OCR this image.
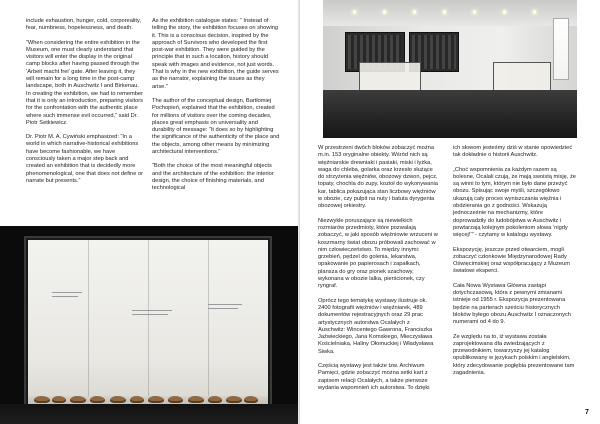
include exhaustion, hunger, cold, corporeality, fear, numbness, hopelessness, and death.

“When considering the entire exhibition in the Museum, one must clearly understand that visitors will enter the display in the original camp blocks after having passed through the ‘Arbeit macht frei’ gate. After leaving it, they will remain for a long time in the post-camp landscape, both in Auschwitz I and Birkenau. In creating the exhibition, we had to remember that it is only an introduction, preparing visitors for the confrontation with the authentic place where such immense evil occurred,” said Dr. Piotr Setkiewicz.

Dr. Piotr M. A. Cywiński emphasized: “In a world in which narrative-historical exhibitions have become fashionable, we have consciously taken a major step back and created an exhibition that is decidedly more phenomenological, one that does not define or narrate but presents.”

As the exhibition catalogue states: “ Instead of telling the story, the exhibition focuses on showing it. This is a conscious decision, inspired by the approach of Survivors who developed the first post-war exhibition. They were guided by the principle that in such a location, history should speak with images and evidence, not just words. That is why in the new exhibition, the guide serves as the narrator, explaining the issues as they arise.”

The author of the conceptual design, Bartłomiej Pochopień, explained that the exhibition, created for millions of visitors over the coming decades, places great emphasis on universality and durability of message: “It does so by highlighting the significance of the authenticity of the place and the objects, among other means by minimizing architectural interventions.”

“Both the choice of the most meaningful objects and the architecture of the exhibition: the interior design, the choice of finishing materials, and technological

W przestrzeni dwóch bloków zobaczyć można m.in. 153 oryginalne obiekty. Wśród nich są więźniarskie drewniaki i pasiaki, miski i łyżka, waga do chleba, golarka oraz krzesło służące do strzyżenia więźniów, obozowy dzwon, pejcz, topaty, chochla do zupy, kozioł do wykonywania kar, tablica pokazująca stan liczbowy więźniów w obozie, czy pulpit na nuty i batuta dyrygenta obozowej orkiestry.

Niezwykle poruszające są niewielkich rozmiarów przedmioty, które pozwalają zobaczyć, w jaki sposób więźniowie wrzuceni w koszmarny świat obozu próbowali zachować w nim człowieczeństwo. To między innymi: grzebień, pędzel do golenia, lekarstwa, opakowanie po papierosach i zapałkach, plansza do gry oraz pionek szachowy, wykonana w obozie lalka, pierścionek, czy ryngraf.

Oprócz tego tematykę wystawy ilustruje ok. 2400 fotografii więźniów i więźniarek, 489 dokumentów rejestracyjnych oraz 29 prac artystycznych autorstwa Ocalałych z Auschwitz: Wincentego Gawrona, Franciszka Jaźwieckiego, Jana Komskiego, Mieczysława Kościelniaka, Haliny Ołomuckiej i Władysława Siwka.

Częścią wystawy jest także tzw. Archiwum Pamięci, gdzie zobaczyć można setki kart z zapisem relacji Ocalałych, a także pierwsze wydania wspomnień ich autorstwa. To dzięki

ich słowom jesteśmy dziś w stanie opowiedzieć tak dokładnie o historii Auschwitz.

„Choć wspomnienia za każdym razem są bolesne, Ocalali czują, że mają swoistą misję, że są winni to tym, którym nie było dane przeżyć obozu. Spisując swoje myśli, szczegółowo ukazują cały proces wyniszczania więźnia i obdzierania go z godności. Wskazują jednocześnie na mechanizmy, które doprowadziły do ludobójstwa w Auschwitz i powtarzają kolejnym pokoleniom słowa ‘nigdy więcej!’” - czytamy w katalogu wystawy.

Ekspozycję, jeszcze przed otwarciem, mogli zobaczyć członkowie Międzynarodowej Rady Oświęcimskiej oraz współpracujący z Muzeum światowi eksperci.

Cała Nowa Wystawa Główna zastąpi dotychczasową, która z pewnymi zmianami istnieje od 1955 r. Ekspozycja prezentowana będzie na parterach sześciu historycznych bloków byłego obozu Auschwitz I oznaczonych numerami od 4 do 9.

Ze względu na to, iż wystawa została zaprojektowana dla zwiedzających z przewodnikiem, towarzyszy jej katalog opublikowany w językach polskim i angielskim, który zdecydowanie pogłębia prezentowane tam zagadnienia.

7
